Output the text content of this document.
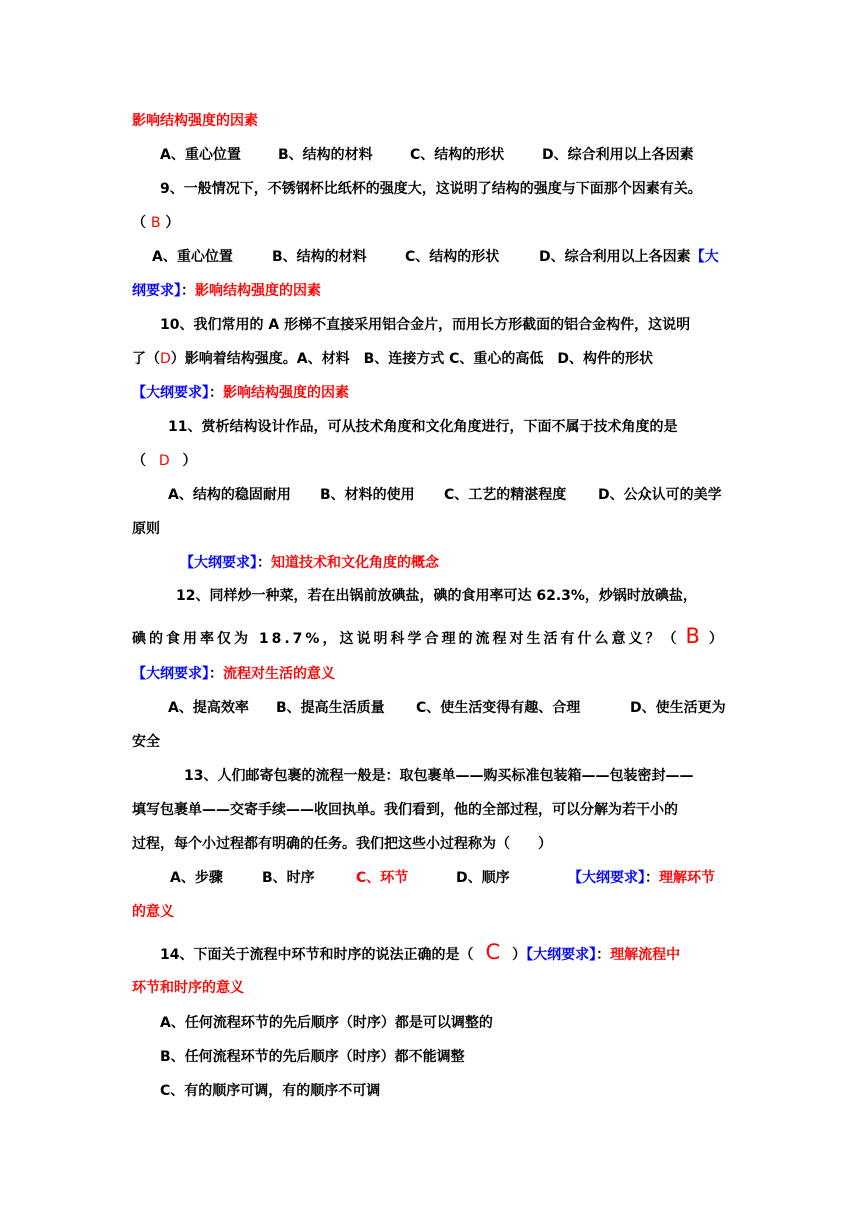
影响结构强度的因素
A、重心位置	B、结构的材料	C、结构的形状	D、综合利用以上各因素
9、一般情况下，不锈钢杯比纸杯的强度大，这说明了结构的强度与下面那个因素有关。
（ B ）
A、重心位置	B、结构的材料	C、结构的形状	D、综合利用以上各因素【大
纲要求】：影响结构强度的因素
10、我们常用的 A 形梯不直接采用铝合金片，而用长方形截面的铝合金构件，这说明
了（D）影响着结构强度。A、材料　B、连接方式 C、重心的高低　D、构件的形状
【大纲要求】：影响结构强度的因素
11、赏析结构设计作品，可从技术角度和文化角度进行，下面不属于技术角度的是
（ D ）
A、结构的稳固耐用 B、材料的使用 C、工艺的精湛程度 D、公众认可的美学
原则
【大纲要求】：知道技术和文化角度的概念
12、同样炒一种菜，若在出锅前放碘盐，碘的食用率可达 62.3%，炒锅时放碘盐，
碘的食用率仅为 18.7%，这说明科学合理的流程对生活有什么意义？（ B ）
【大纲要求】：流程对生活的意义
A、提高效率 B、提高生活质量 C、使生活变得有趣、合理	D、使生活更为
安全
13、人们邮寄包裹的流程一般是：取包裹单——购买标准包装箱——包装密封——
填写包裹单——交寄手续——收回执单。我们看到，他的全部过程，可以分解为若干小的
过程，每个小过程都有明确的任务。我们把这些小过程称为（　　）
A、步骤	B、时序	C、环节	D、顺序	【大纲要求】：理解环节
的意义
14、下面关于流程中环节和时序的说法正确的是（ C ）【大纲要求】：理解流程中
环节和时序的意义
A、任何流程环节的先后顺序（时序）都是可以调整的
B、任何流程环节的先后顺序（时序）都不能调整
C、有的顺序可调，有的顺序不可调
